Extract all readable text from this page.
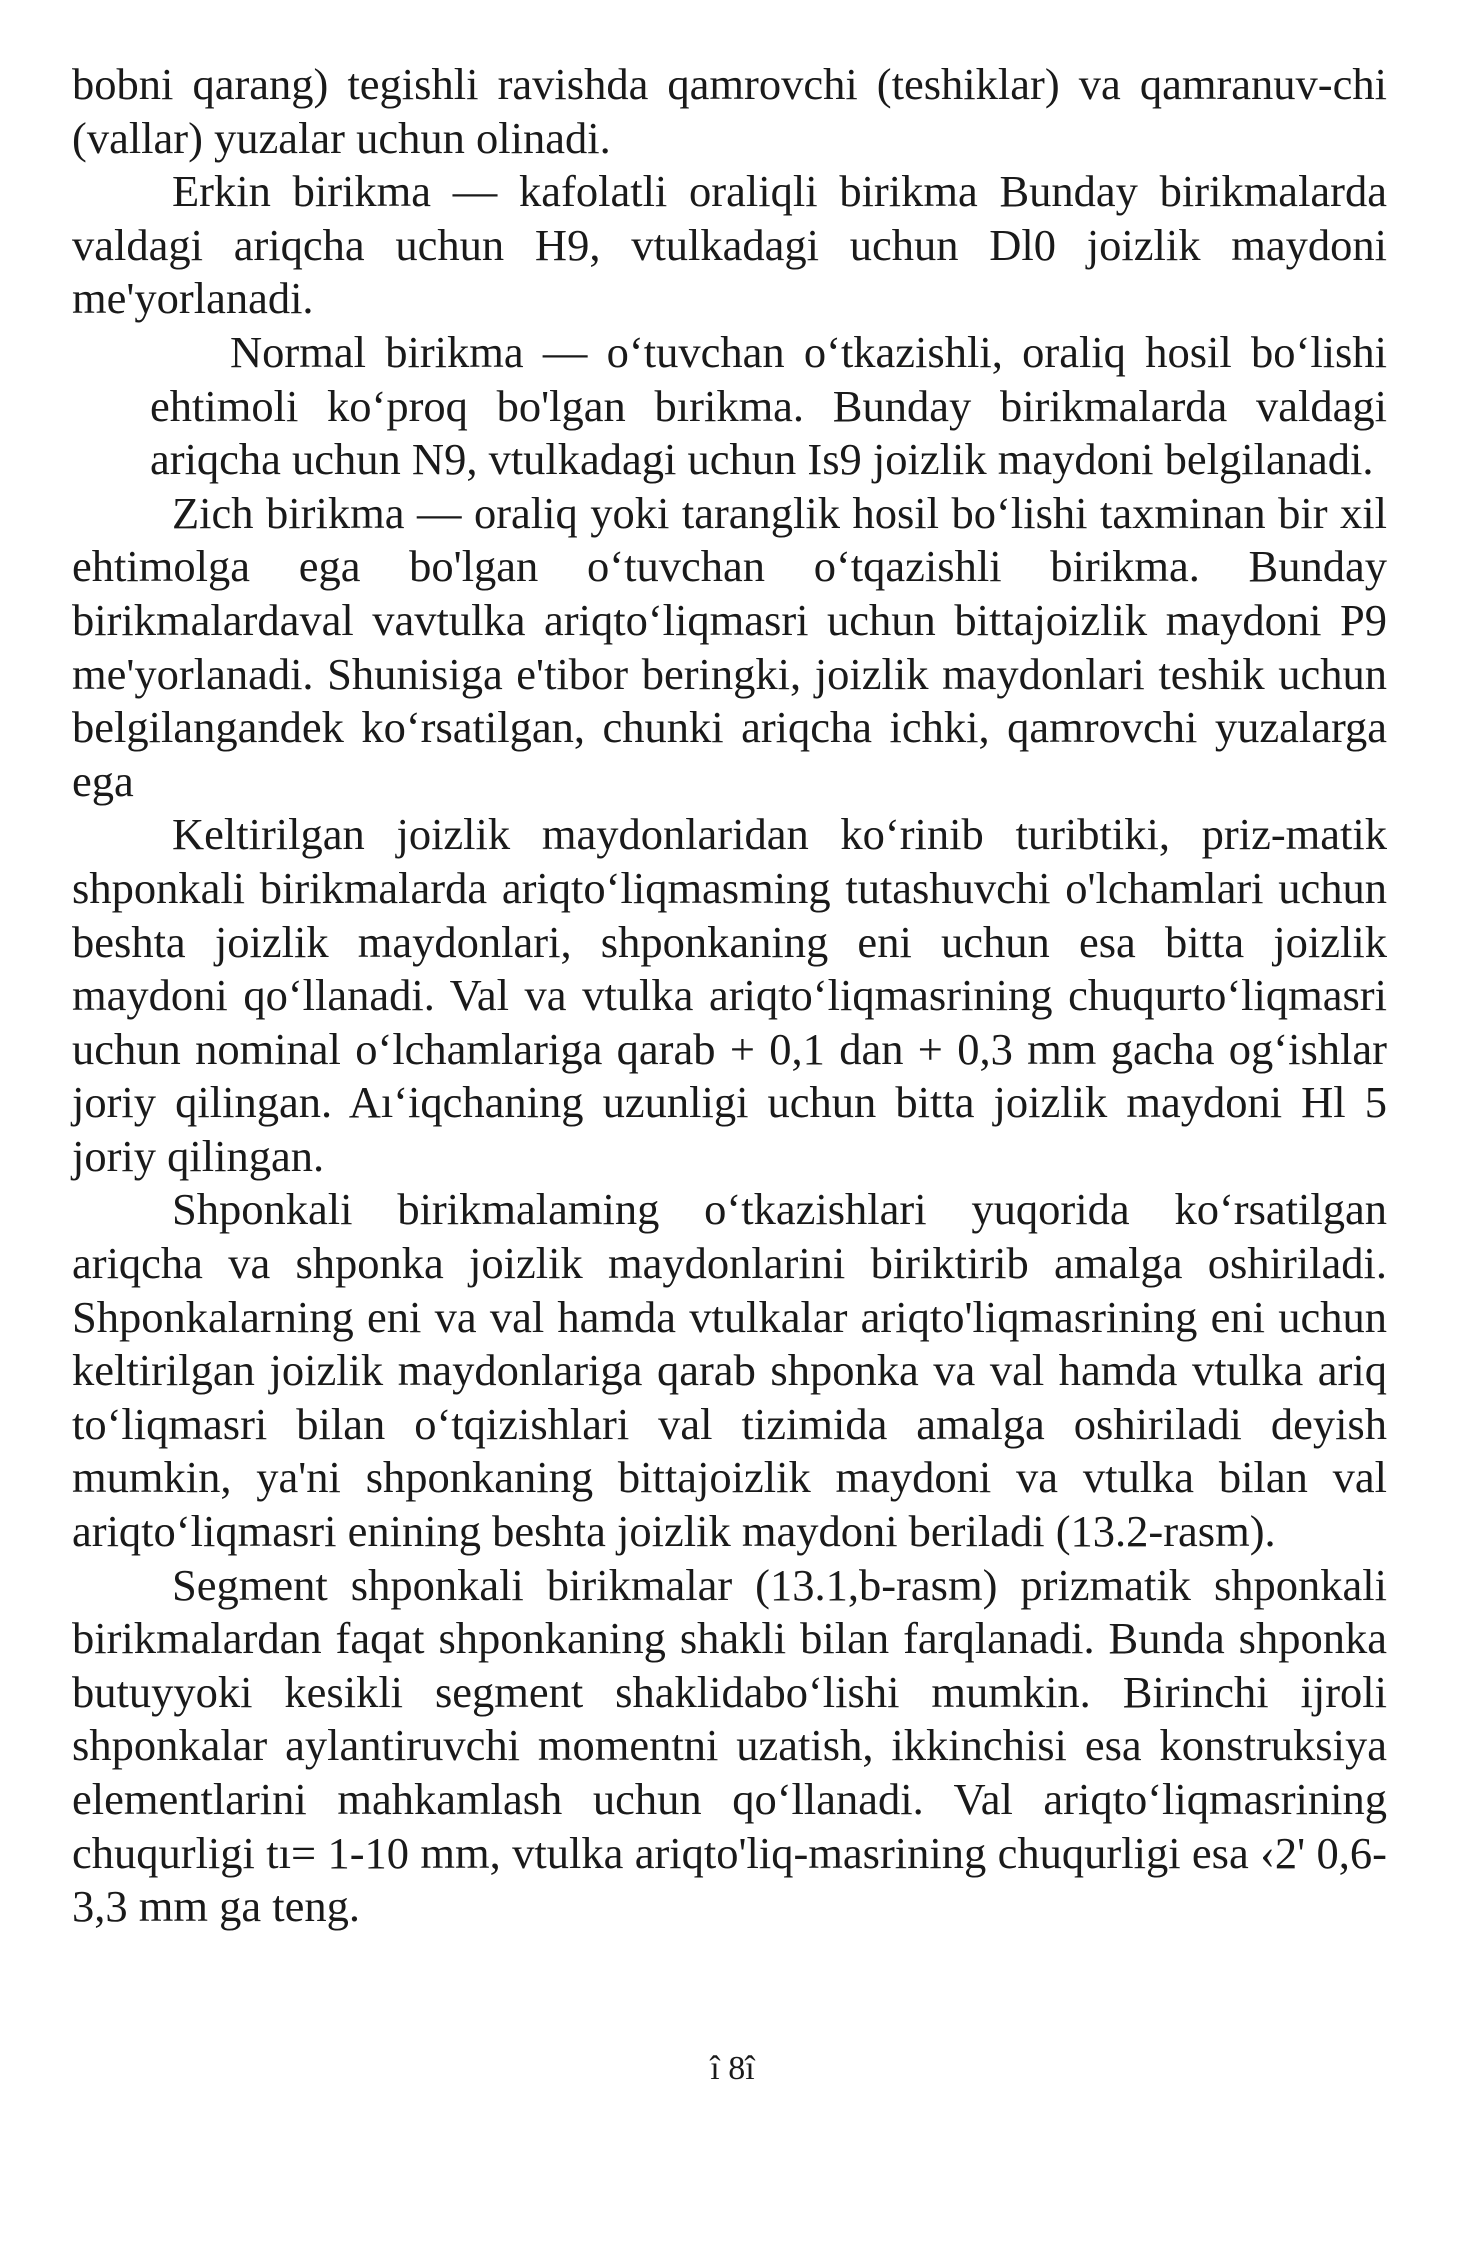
bobni qarang) tegishli ravishda qamrovchi (teshiklar) va qamranuv-chi (vallar) yuzalar uchun olinadi.

Erkin birikma — kafolatli oraliqli birikma Bunday birikmalarda valdagi ariqcha uchun H9, vtulkadagi uchun Dl0 joizlik maydoni me'yorlanadi.

Normal birikma — o‘tuvchan o‘tkazishli, oraliq hosil bo‘lishi ehtimoli ko‘proq bo'lgan bırikma. Bunday birikmalarda valdagi ariqcha uchun N9, vtulkadagi uchun Is9 joizlik maydoni belgilanadi.

Zich birikma — oraliq yoki taranglik hosil bo‘lishi taxminan bir xil ehtimolga ega bo'lgan o‘tuvchan o‘tqazishli birikma. Bunday birikmalardaval vavtulka ariqto‘liqmasri uchun bittajoizlik maydoni P9 me'yorlanadi. Shunisiga e'tibor beringki, joizlik maydonlari teshik uchun belgilangandek ko‘rsatilgan, chunki ariqcha ichki, qamrovchi yuzalarga ega

Keltirilgan joizlik maydonlaridan ko‘rinib turibtiki, priz-matik shponkali birikmalarda ariqto‘liqmasming tutashuvchi o'lchamlari uchun beshta joizlik maydonlari, shponkaning eni uchun esa bitta joizlik maydoni qo‘llanadi. Val va vtulka ariqto‘liqmasrining chuqurto‘liqmasri uchun nominal o‘lchamlariga qarab + 0,1 dan + 0,3 mm gacha og‘ishlar joriy qilingan. Aı‘iqchaning uzunligi uchun bitta joizlik maydoni Hl 5 joriy qilingan.

Shponkali birikmalaming o‘tkazishlari yuqorida ko‘rsatilgan ariqcha va shponka joizlik maydonlarini biriktirib amalga oshiriladi. Shponkalarning eni va val hamda vtulkalar ariqto'liqmasrining eni uchun keltirilgan joizlik maydonlariga qarab shponka va val hamda vtulka ariq to‘liqmasri bilan o‘tqizishlari val tizimida amalga oshiriladi deyish mumkin, ya'ni shponkaning bittajoizlik maydoni va vtulka bilan val ariqto‘liqmasri enining beshta joizlik maydoni beriladi (13.2-rasm).

Segment shponkali birikmalar (13.1,b-rasm) prizmatik shponkali birikmalardan faqat shponkaning shakli bilan farqlanadi. Bunda shponka butuyyoki kesikli segment shaklidabo‘lishi mumkin. Birinchi ijroli shponkalar aylantiruvchi momentni uzatish, ikkinchisi esa konstruksiya elementlarini mahkamlash uchun qo‘llanadi. Val ariqto‘liqmasrining chuqurligi tı= 1-10 mm, vtulka ariqto'liq-masrining chuqurligi esa ‹2' 0,6-3,3 mm ga teng.

î 8î
